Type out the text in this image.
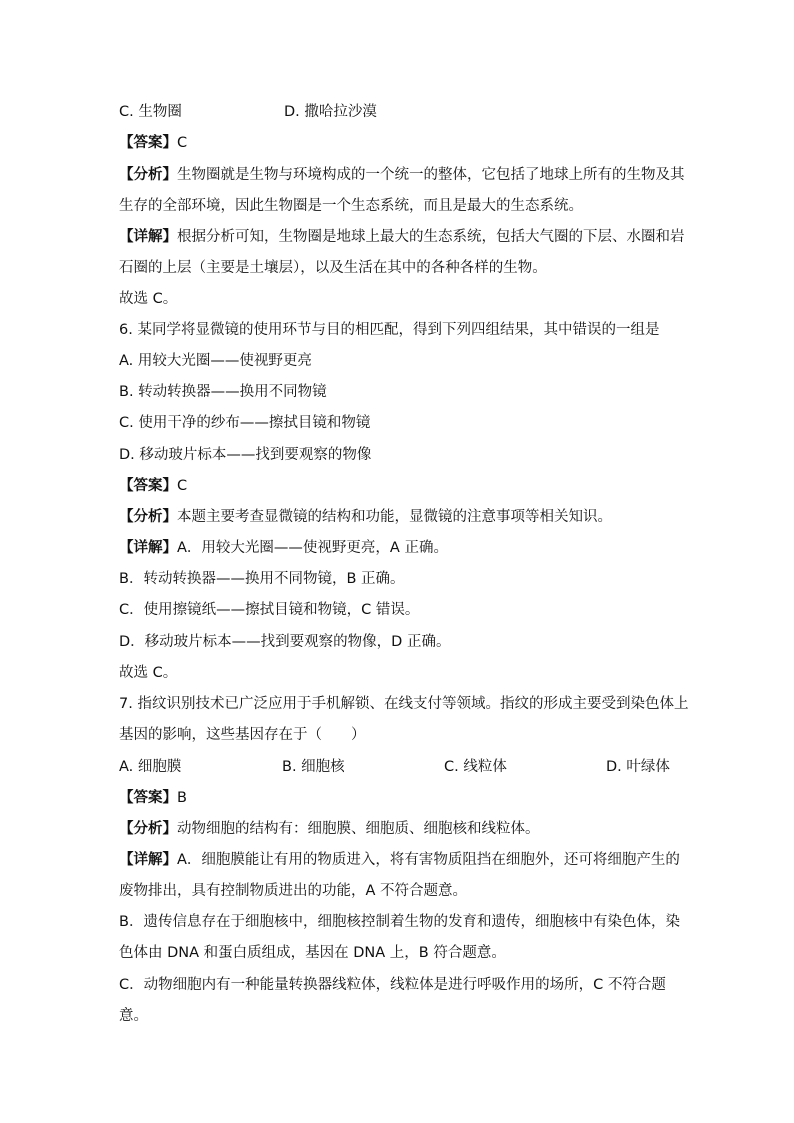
C. 生物圈	D. 撒哈拉沙漠
【答案】C
【分析】生物圈就是生物与环境构成的一个统一的整体，它包括了地球上所有的生物及其
生存的全部环境，因此生物圈是一个生态系统，而且是最大的生态系统。
【详解】根据分析可知，生物圈是地球上最大的生态系统，包括大气圈的下层、水圈和岩
石圈的上层（主要是土壤层），以及生活在其中的各种各样的生物。
故选 C。
6. 某同学将显微镜的使用环节与目的相匹配，得到下列四组结果，其中错误的一组是
A. 用较大光圈——使视野更亮
B. 转动转换器——换用不同物镜
C. 使用干净的纱布——擦拭目镜和物镜
D. 移动玻片标本——找到要观察的物像
【答案】C
【分析】本题主要考查显微镜的结构和功能，显微镜的注意事项等相关知识。
【详解】A．用较大光圈——使视野更亮，A 正确。
B．转动转换器——换用不同物镜，B 正确。
C．使用擦镜纸——擦拭目镜和物镜，C 错误。
D．移动玻片标本——找到要观察的物像，D 正确。
故选 C。
7. 指纹识别技术已广泛应用于手机解锁、在线支付等领域。指纹的形成主要受到染色体上
基因的影响，这些基因存在于（　　）
A. 细胞膜	B. 细胞核	C. 线粒体	D. 叶绿体
【答案】B
【分析】动物细胞的结构有：细胞膜、细胞质、细胞核和线粒体。
【详解】A．细胞膜能让有用的物质进入，将有害物质阻挡在细胞外，还可将细胞产生的
废物排出，具有控制物质进出的功能，A 不符合题意。
B．遗传信息存在于细胞核中，细胞核控制着生物的发育和遗传，细胞核中有染色体，染
色体由 DNA 和蛋白质组成，基因在 DNA 上，B 符合题意。
C．动物细胞内有一种能量转换器线粒体，线粒体是进行呼吸作用的场所，C 不符合题
意。
